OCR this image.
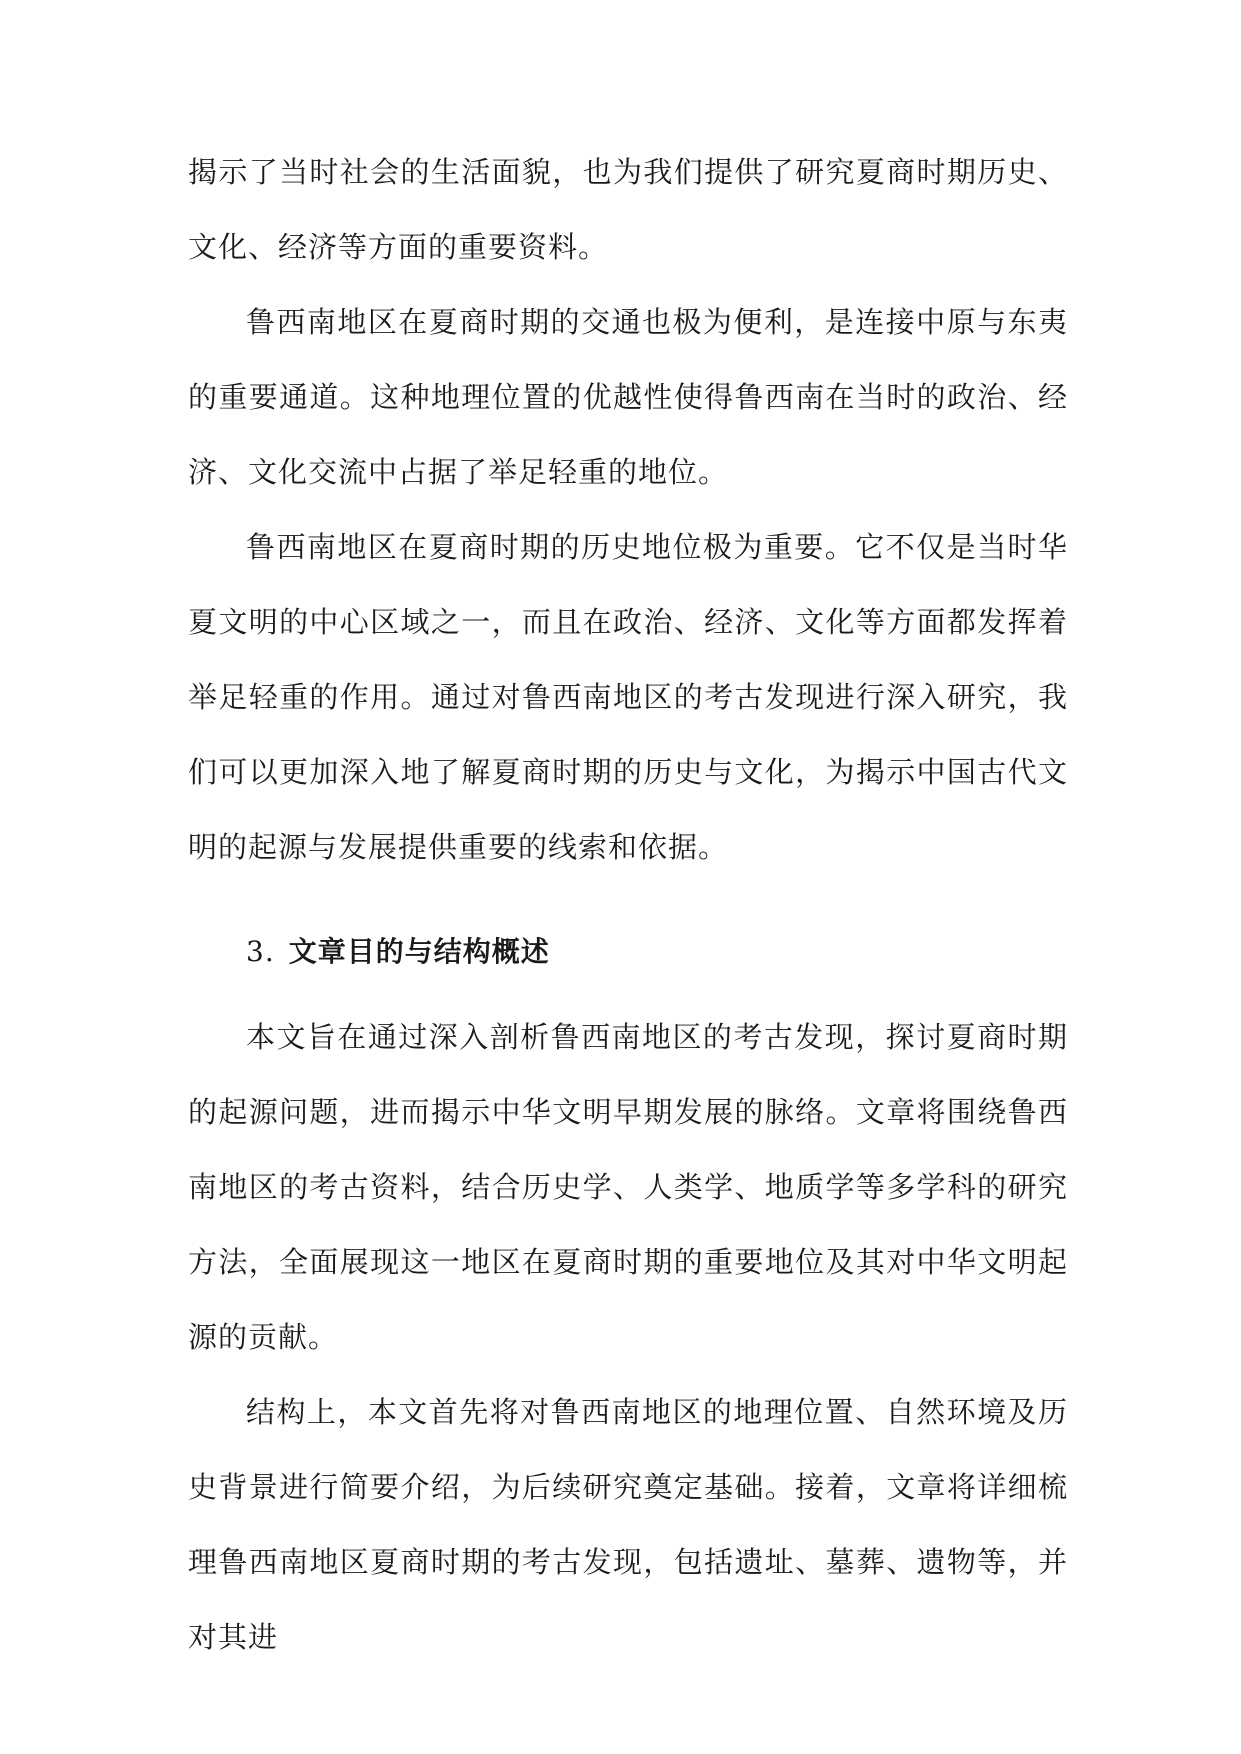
揭示了当时社会的生活面貌，也为我们提供了研究夏商时期历史、文化、经济等方面的重要资料。

鲁西南地区在夏商时期的交通也极为便利，是连接中原与东夷的重要通道。这种地理位置的优越性使得鲁西南在当时的政治、经济、文化交流中占据了举足轻重的地位。

鲁西南地区在夏商时期的历史地位极为重要。它不仅是当时华夏文明的中心区域之一，而且在政治、经济、文化等方面都发挥着举足轻重的作用。通过对鲁西南地区的考古发现进行深入研究，我们可以更加深入地了解夏商时期的历史与文化，为揭示中国古代文明的起源与发展提供重要的线索和依据。

3. 文章目的与结构概述

本文旨在通过深入剖析鲁西南地区的考古发现，探讨夏商时期的起源问题，进而揭示中华文明早期发展的脉络。文章将围绕鲁西南地区的考古资料，结合历史学、人类学、地质学等多学科的研究方法，全面展现这一地区在夏商时期的重要地位及其对中华文明起源的贡献。

结构上，本文首先将对鲁西南地区的地理位置、自然环境及历史背景进行简要介绍，为后续研究奠定基础。接着，文章将详细梳理鲁西南地区夏商时期的考古发现，包括遗址、墓葬、遗物等，并对其进
